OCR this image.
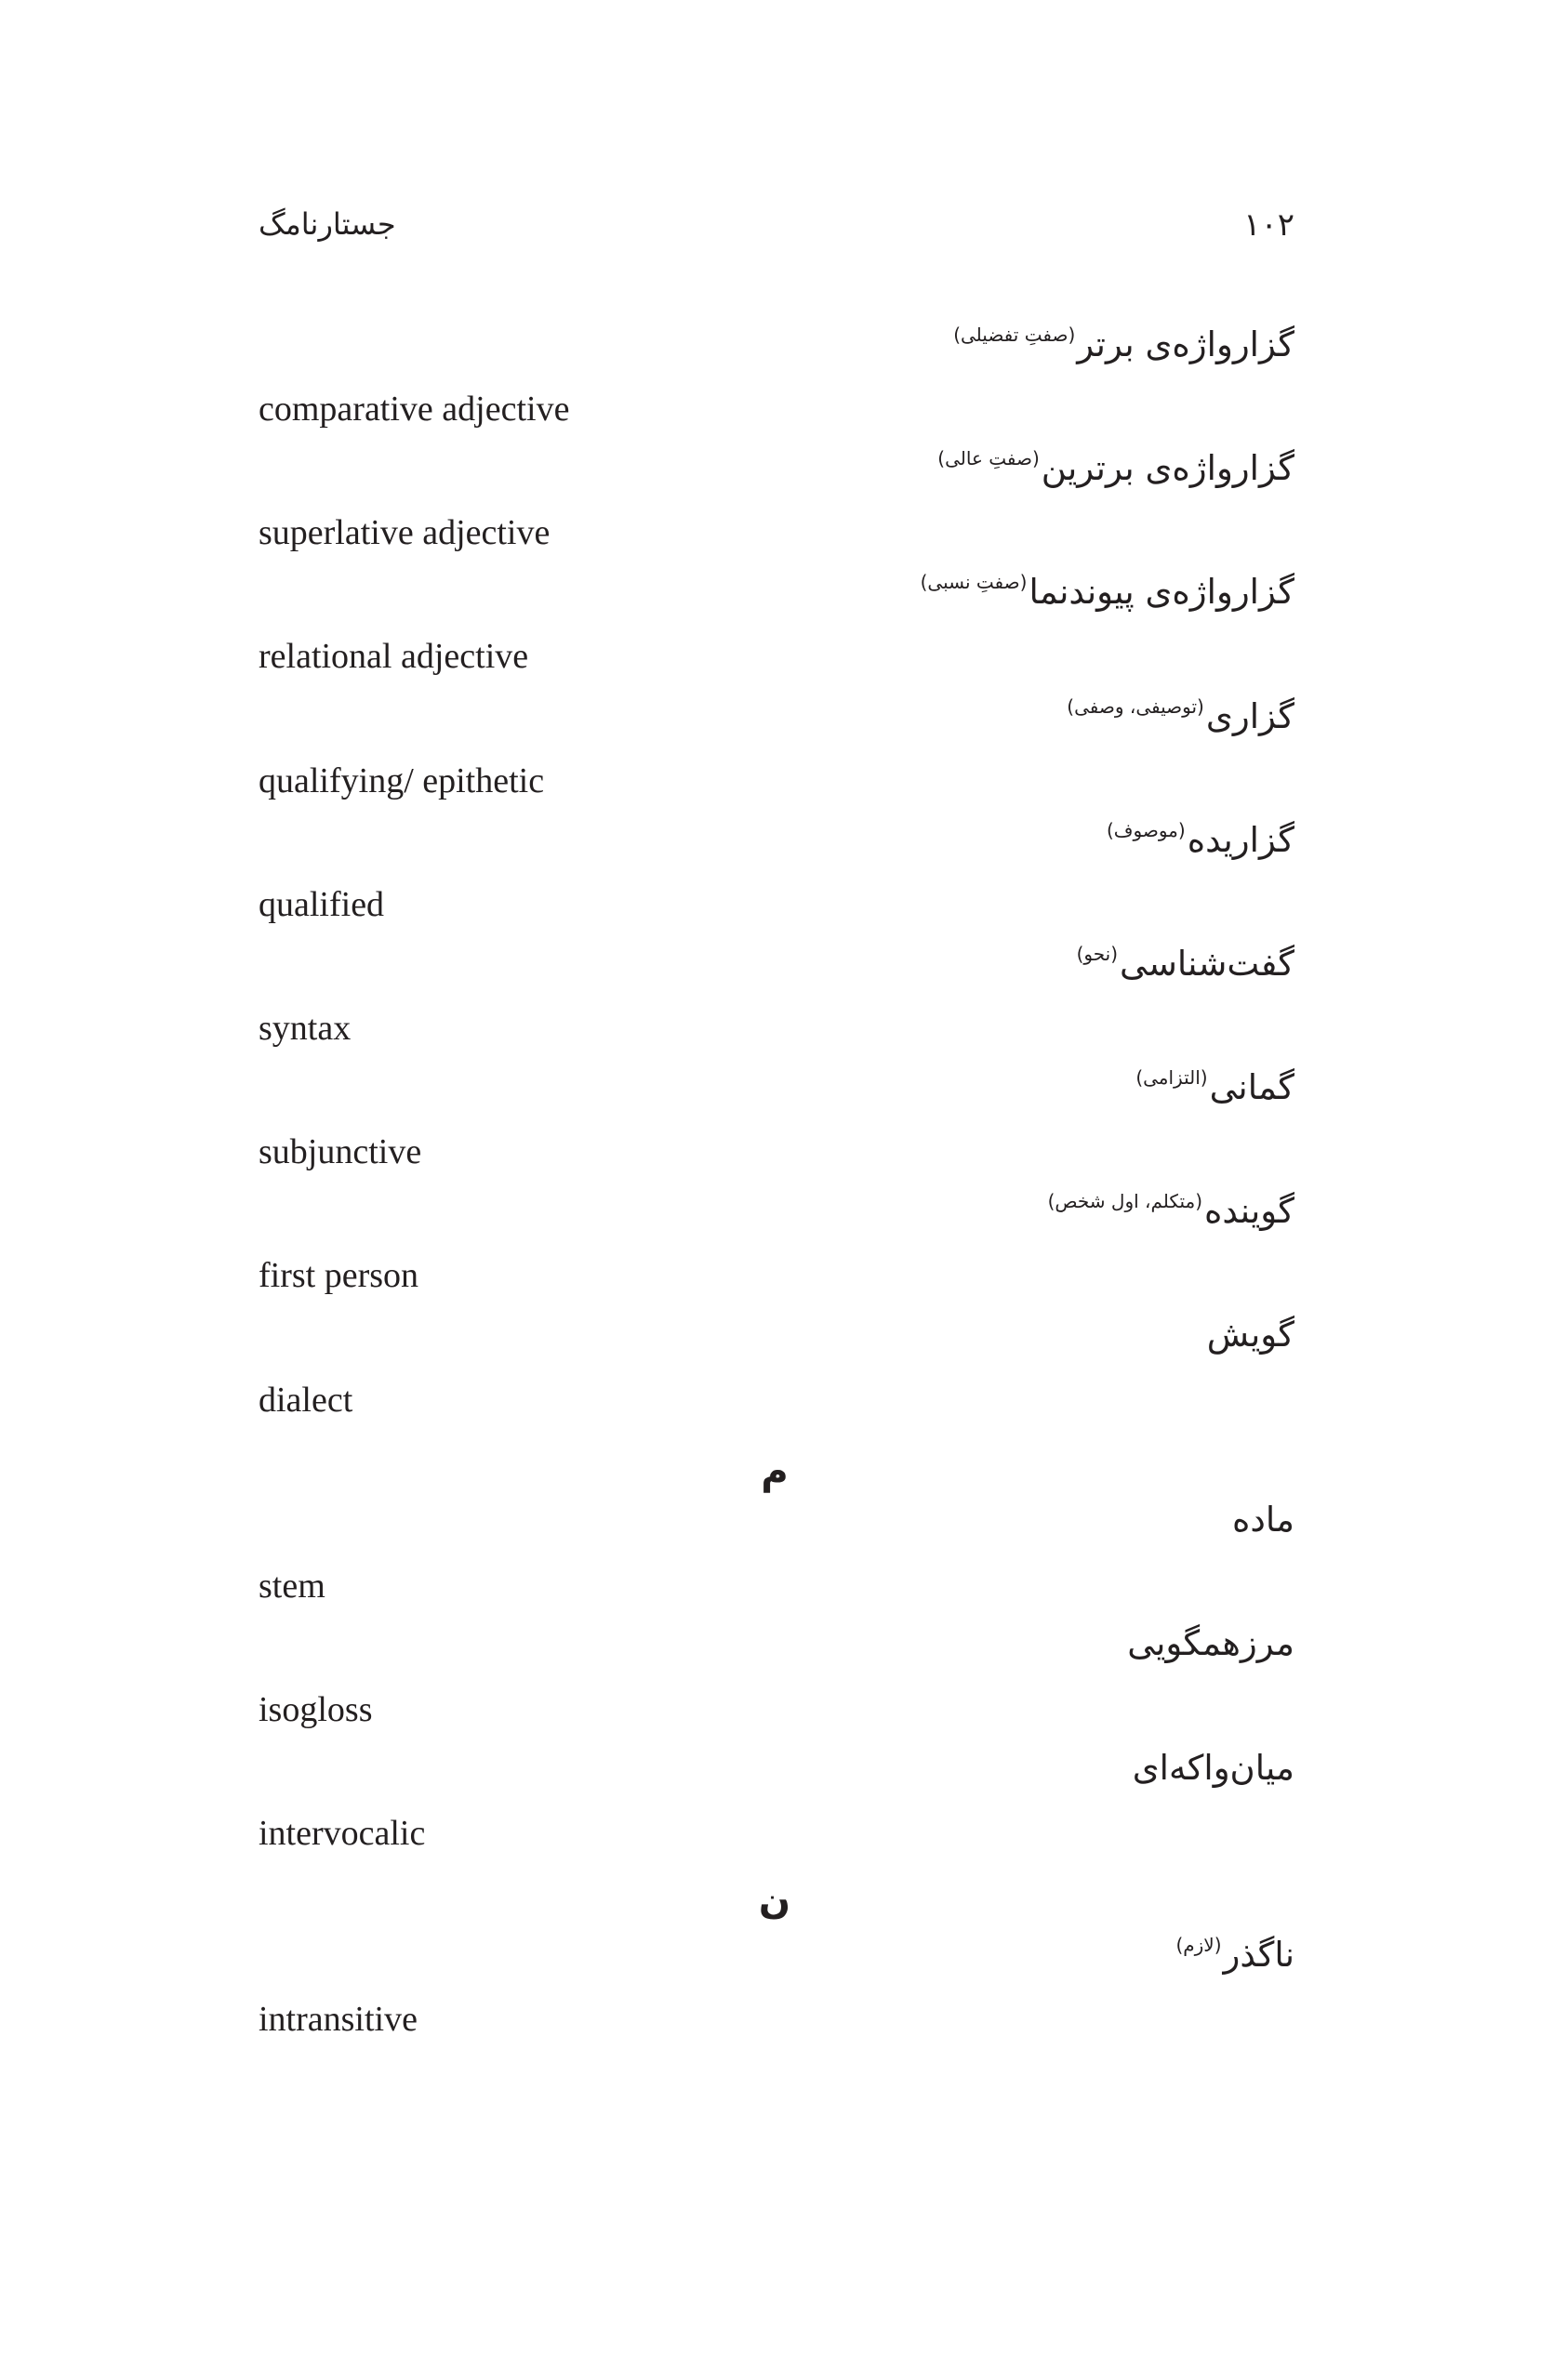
جستارنامگ	۱۰۲
گزارواژه‌ی برتر$^{(صفتِ تفضیلی)}$
comparative adjective
گزارواژه‌ی برترین$^{(صفتِ عالی)}$
superlative adjective
گزارواژه‌ی پیوندنما$^{(صفتِ نسبی)}$
relational adjective
گزاری$^{(توصیفی، وصفی)}$
qualifying/ epithetic
گزاریده$^{(موصوف)}$
qualified
گفت‌شناسی$^{(نحو)}$
syntax
گمانی$^{(التزامی)}$
subjunctive
گوینده$^{(متکلم، اول شخص)}$
first person
گویش
dialect
م
ماده
stem
مرزهمگویی
isogloss
میان‌واکه‌ای
intervocalic
ن
ناگذر$^{(لازم)}$
intransitive
